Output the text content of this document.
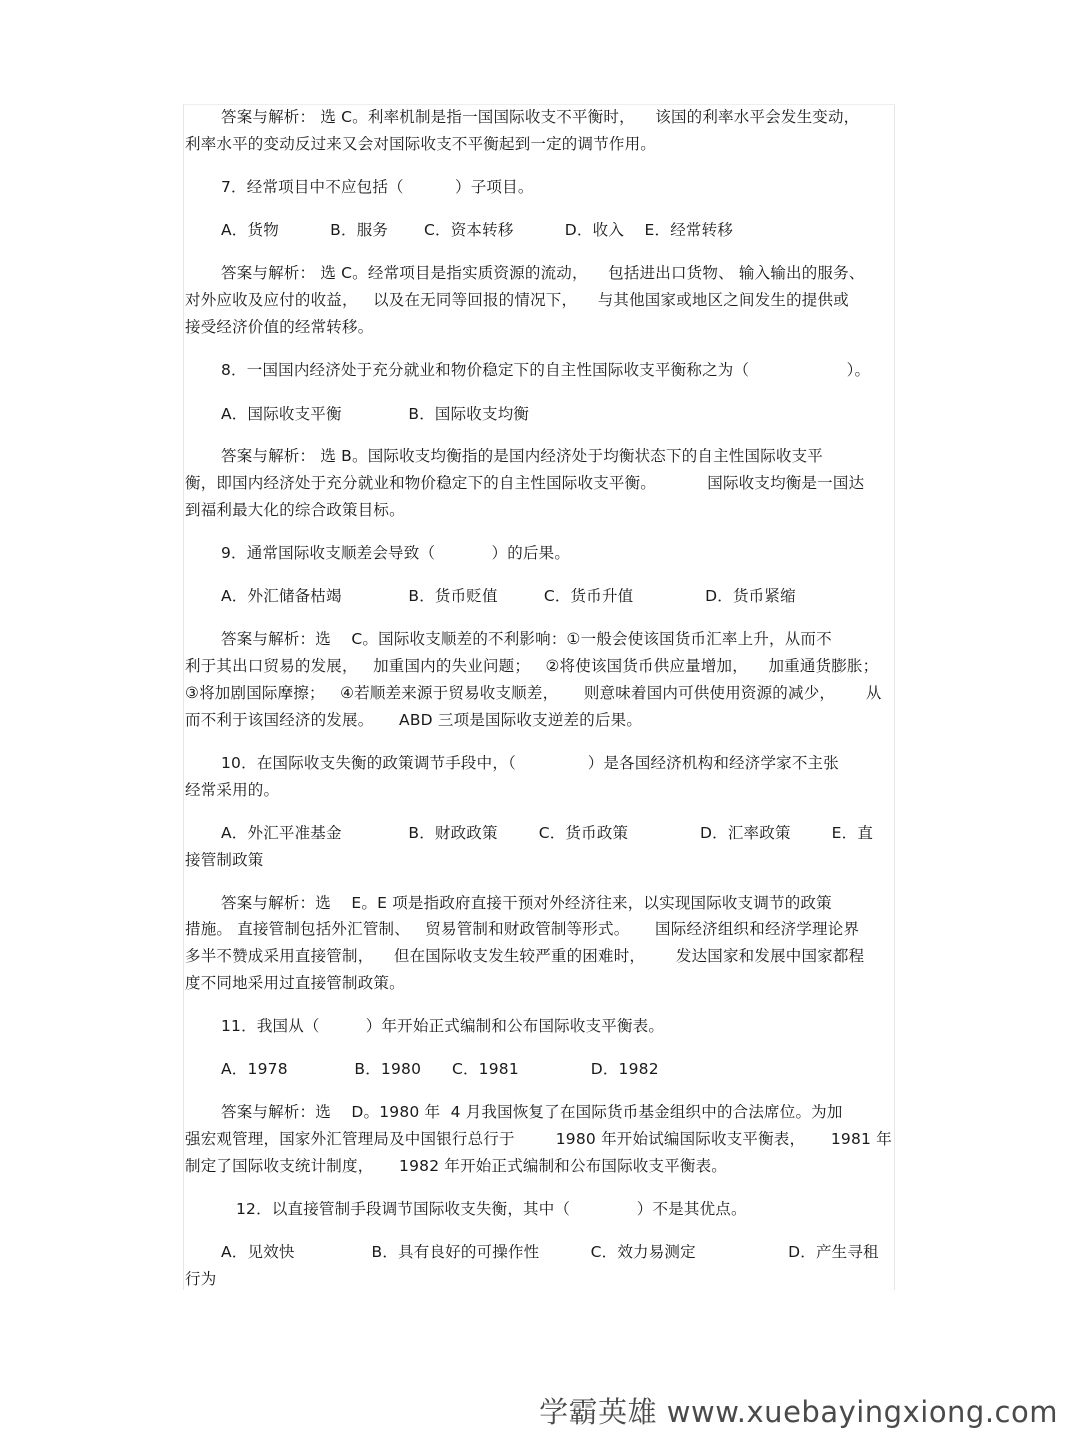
答案与解析： 选 C。利率机制是指一国国际收支不平衡时，    该国的利率水平会发生变动，
利率水平的变动反过来又会对国际收支不平衡起到一定的调节作用。
7．经常项目中不应包括（          ）子项目。
A．货物          B．服务       C．资本转移          D．收入    E．经常转移
答案与解析： 选 C。经常项目是指实质资源的流动，    包括进出口货物、 输入输出的服务、
对外应收及应付的收益，   以及在无同等回报的情况下，    与其他国家或地区之间发生的提供或
接受经济价值的经常转移。
8．一国国内经济处于充分就业和物价稳定下的自主性国际收支平衡称之为（                   ）。
A．国际收支平衡             B．国际收支均衡
答案与解析： 选 B。国际收支均衡指的是国内经济处于均衡状态下的自主性国际收支平
衡，即国内经济处于充分就业和物价稳定下的自主性国际收支平衡。          国际收支均衡是一国达
到福利最大化的综合政策目标。
9．通常国际收支顺差会导致（           ）的后果。
A．外汇储备枯竭             B．货币贬值         C．货币升值              D．货币紧缩
答案与解析：选    C。国际收支顺差的不利影响：①一般会使该国货币汇率上升，从而不
利于其出口贸易的发展，   加重国内的失业问题；   ②将使该国货币供应量增加，    加重通货膨胀；
③将加剧国际摩擦；   ④若顺差来源于贸易收支顺差，     则意味着国内可供使用资源的减少，      从
而不利于该国经济的发展。     ABD 三项是国际收支逆差的后果。
10．在国际收支失衡的政策调节手段中，（              ）是各国经济机构和经济学家不主张
经常采用的。
A．外汇平准基金             B．财政政策        C．货币政策              D．汇率政策        E．直
接管制政策
答案与解析：选    E。E 项是指政府直接干预对外经济往来，以实现国际收支调节的政策
措施。 直接管制包括外汇管制、   贸易管制和财政管制等形式。     国际经济组织和经济学理论界
多半不赞成采用直接管制，    但在国际收支发生较严重的困难时，      发达国家和发展中国家都程
度不同地采用过直接管制政策。
11．我国从（         ）年开始正式编制和公布国际收支平衡表。
A．1978             B．1980      C．1981              D．1982
答案与解析：选    D。1980 年  4 月我国恢复了在国际货币基金组织中的合法席位。为加
强宏观管理，国家外汇管理局及中国银行总行于        1980 年开始试编国际收支平衡表，     1981 年
制定了国际收支统计制度，     1982 年开始正式编制和公布国际收支平衡表。
12．以直接管制手段调节国际收支失衡，其中（             ）不是其优点。
A．见效快               B．具有良好的可操作性          C．效力易测定                  D．产生寻租
行为
学霸英雄 www.xuebayingxiong.com
